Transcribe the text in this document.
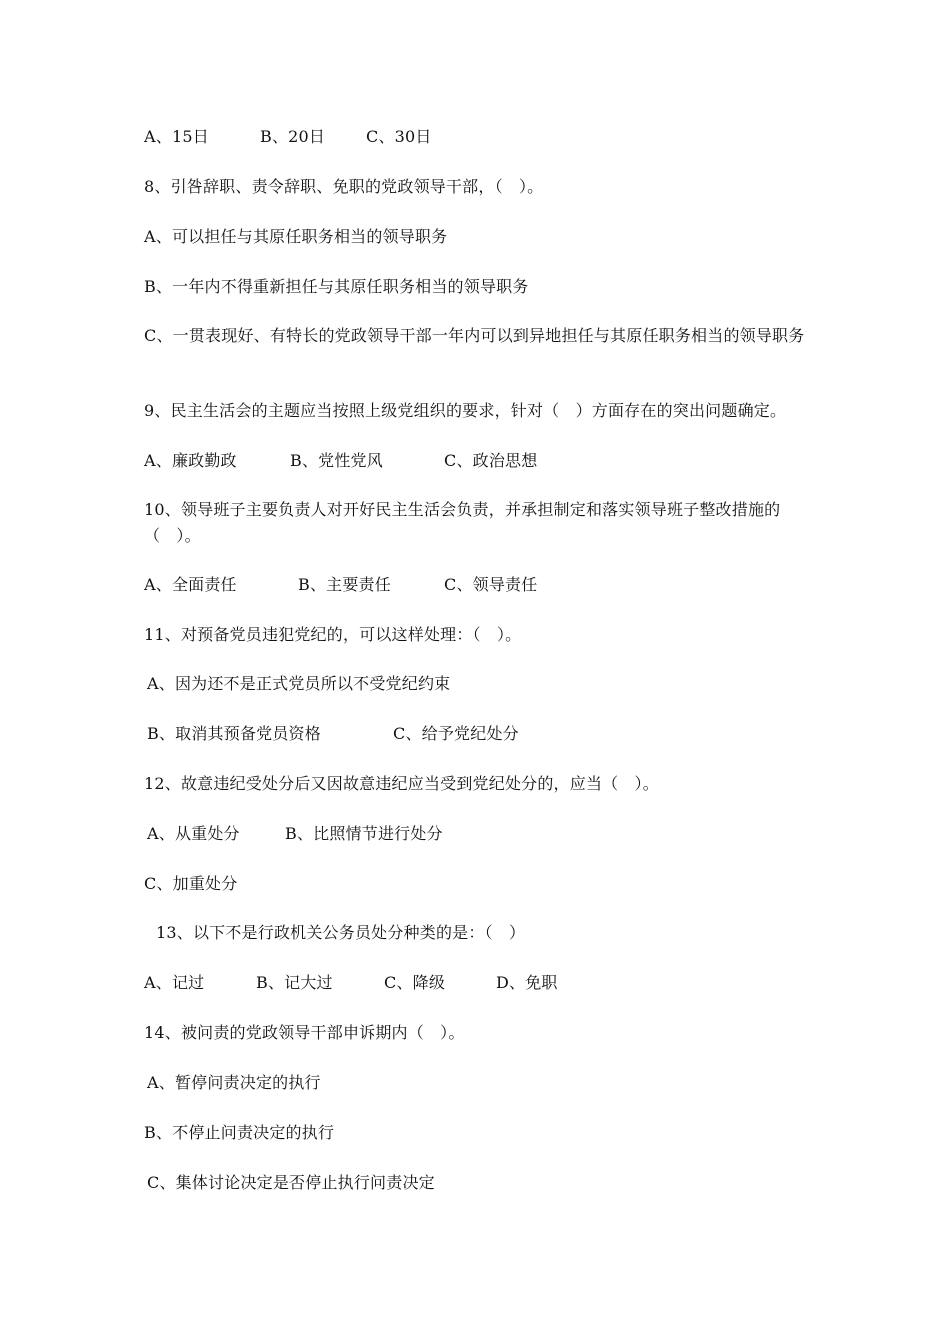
A、15日	B、20日	C、30日
8、引咎辞职、责令辞职、免职的党政领导干部，（　）。
A、可以担任与其原任职务相当的领导职务
B、一年内不得重新担任与其原任职务相当的领导职务
C、一贯表现好、有特长的党政领导干部一年内可以到异地担任与其原任职务相当的领导职务
9、民主生活会的主题应当按照上级党组织的要求，针对（　）方面存在的突出问题确定。
A、廉政勤政	B、党性党风	C、政治思想
10、领导班子主要负责人对开好民主生活会负责，并承担制定和落实领导班子整改措施的（　）。
A、全面责任	B、主要责任	C、领导责任
11、对预备党员违犯党纪的，可以这样处理：（　）。
A、因为还不是正式党员所以不受党纪约束
B、取消其预备党员资格	C、给予党纪处分
12、故意违纪受处分后又因故意违纪应当受到党纪处分的，应当（　）。
A、从重处分	B、比照情节进行处分
C、加重处分
13、以下不是行政机关公务员处分种类的是：（　）
A、记过	B、记大过	C、降级	D、免职
14、被问责的党政领导干部申诉期内（　）。
A、暂停问责决定的执行
B、不停止问责决定的执行
C、集体讨论决定是否停止执行问责决定
